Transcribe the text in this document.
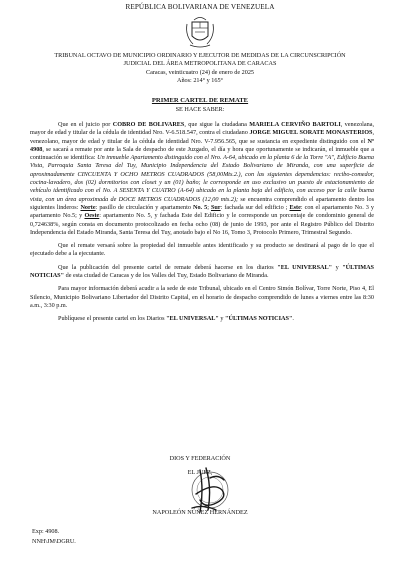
REPÚBLICA BOLIVARIANA DE VENEZUELA
TRIBUNAL OCTAVO DE MUNICIPIO ORDINARIO Y EJECUTOR DE MEDIDAS DE LA CIRCUNSCRIPCIÓN
JUDICIAL DEL ÁREA METROPOLITANA DE CARACAS
Caracas, veinticuatro (24) de enero de 2025
Años: 214° y 165°
PRIMER CARTEL DE REMATE
SE HACE SABER:

Que en el juicio por COBRO DE BOLIVARES, que sigue la ciudadana MARIELA CERVIÑO BARTOLI, venezolana, mayor de edad y titular de la cédula de identidad Nro. V-6.518.547, contra el ciudadano JORGE MIGUEL SORATE MONASTERIOS, venezolano, mayor de edad y titular de la cédula de identidad Nro. V-7.956.565, que se sustancia en expediente distinguido con el Nº 4908, se sacará a remate por ante la Sala de despacho de este Juzgado, el día y hora que oportunamente se indicarán, el inmueble que a continuación se identifica: Un inmueble Apartamento distinguido con el Nro. A-64, ubicado en la planta 6 de la Torre "A", Edificio Buena Vista, Parroquia Santa Teresa del Tuy, Municipio Independencia del Estado Bolivariano de Miranda, con una superficie de aproximadamente CINCUENTA Y OCHO METROS CUADRADOS (58,00Mts.2.), con las siguientes dependencias: recibo-comedor, cocina-lavadero, dos (02) dormitorios con closet y un (01) baño; le corresponde en uso exclusivo un puesto de estacionamiento de vehículo identificado con el No. A SESENTA Y CUATRO (A-64) ubicado en la planta baja del edificio, con acceso por la calle buena vista, con un área aproximada de DOCE METROS CUADRADOS (12,00 mts.2); se encuentra comprendido el apartamento dentro los siguientes linderos: Norte: pasillo de circulación y apartamento No. 5; Sur: fachada sur del edificio ; Este: con el apartamento No. 3 y apartamento No.5; y Oeste: apartamento No. 5, y fachada Este del Edificio y le corresponde un porcentaje de condominio general de 0,724638%, según consta en documento protocolizado en fecha ocho (08) de junio de 1993, por ante el Registro Público del Distrito Independencia del Estado Miranda, Santa Teresa del Tuy, anotado bajo el No 16, Tomo 3, Protocolo Primero, Trimestral Segundo.

Que el remate versará sobre la propiedad del inmueble antes identificado y su producto se destinará al pago de lo que el ejecutado debe a la ejecutante.

Que la publicación del presente cartel de remate deberá hacerse en los diarios "EL UNIVERSAL" y "ÚLTIMAS NOTICIAS" de esta ciudad de Caracas y de los Valles del Tuy, Estado Bolivariano de Miranda.

Para mayor información deberá acudir a la sede de este Tribunal, ubicado en el Centro Simón Bolívar, Torre Norte, Piso 4, El Silencio, Municipio Bolivariano Libertador del Distrito Capital, en el horario de despacho comprendido de lunes a viernes entre las 8:30 a.m., 3:30 p.m.

Publíquese el presente cartel en los Diarios "EL UNIVERSAL" y "ÚLTIMAS NOTICIAS".

DIOS Y FEDERACIÓN
EL JUEZ,
NAPOLEÓN NÚÑEZ HERNÁNDEZ
Exp: 4908.
NNH\JM\DGRU.
